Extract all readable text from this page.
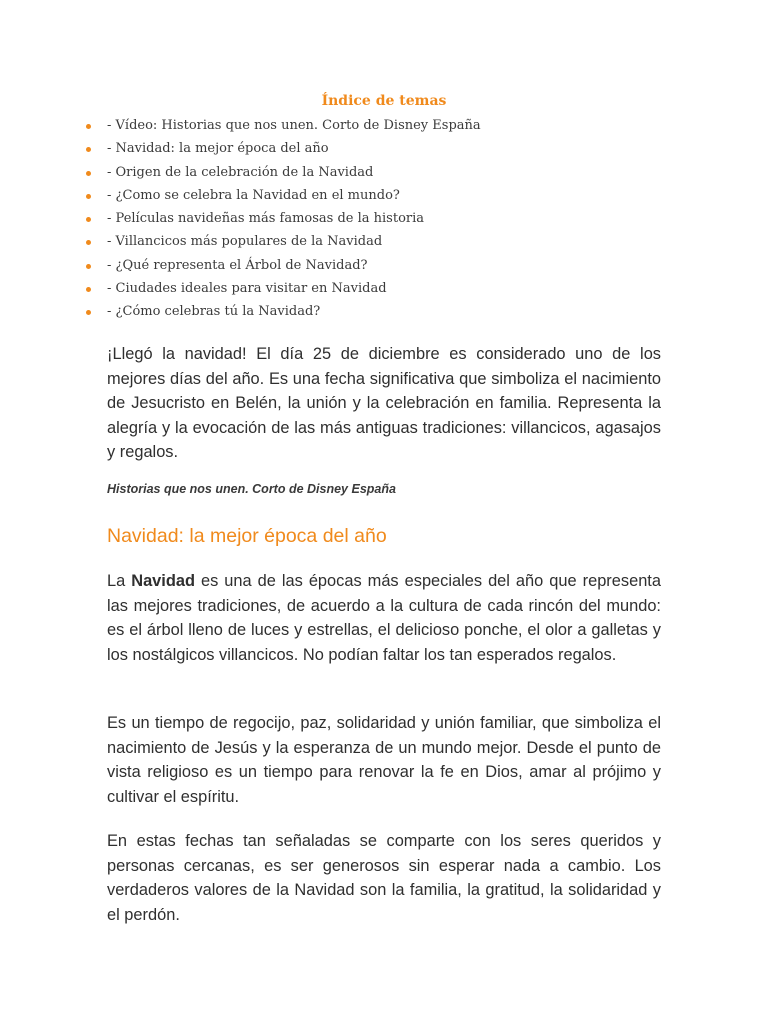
Índice de temas
- Vídeo: Historias que nos unen. Corto de Disney España
- Navidad: la mejor época del año
- Origen de la celebración de la Navidad
- ¿Como se celebra la Navidad en el mundo?
- Películas navideñas más famosas de la historia
- Villancicos más populares de la Navidad
- ¿Qué representa el Árbol de Navidad?
- Ciudades ideales para visitar en Navidad
- ¿Cómo celebras tú la Navidad?

¡Llegó la navidad! El día 25 de diciembre es considerado uno de los mejores días del año. Es una fecha significativa que simboliza el nacimiento de Jesucristo en Belén, la unión y la celebración en familia. Representa la alegría y la evocación de las más antiguas tradiciones: villancicos, agasajos y regalos.

Historias que nos unen. Corto de Disney España

Navidad: la mejor época del año

La Navidad es una de las épocas más especiales del año que representa las mejores tradiciones, de acuerdo a la cultura de cada rincón del mundo: es el árbol lleno de luces y estrellas, el delicioso ponche, el olor a galletas y los nostálgicos villancicos. No podían faltar los tan esperados regalos.

Es un tiempo de regocijo, paz, solidaridad y unión familiar, que simboliza el nacimiento de Jesús y la esperanza de un mundo mejor. Desde el punto de vista religioso es un tiempo para renovar la fe en Dios, amar al prójimo y cultivar el espíritu.

En estas fechas tan señaladas se comparte con los seres queridos y personas cercanas, es ser generosos sin esperar nada a cambio. Los verdaderos valores de la Navidad son la familia, la gratitud, la solidaridad y el perdón.
